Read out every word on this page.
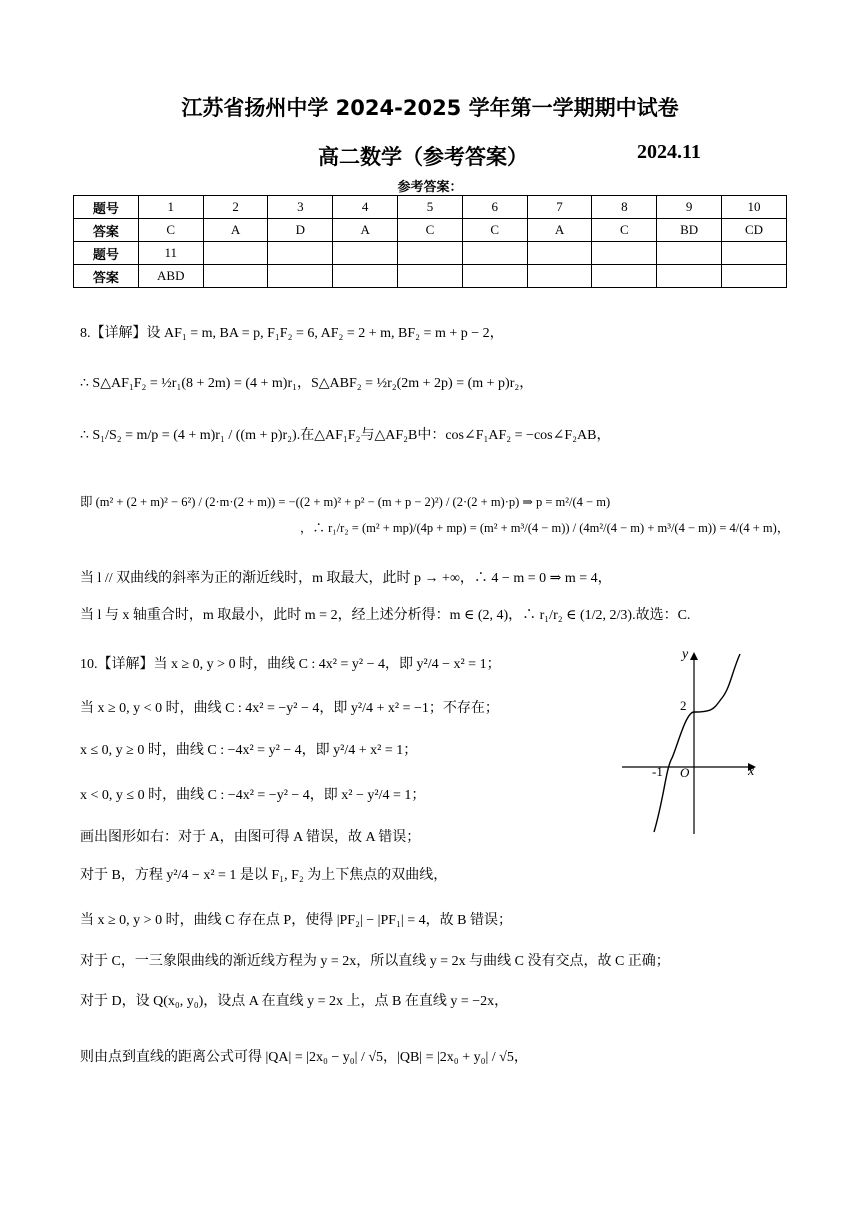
江苏省扬州中学 2024-2025 学年第一学期期中试卷
高二数学（参考答案）	2024.11
参考答案：
题号	1	2	3	4	5	6	7	8	9	10
答案	C	A	D	A	C	C	A	C	BD	CD
题号	11									
答案	ABD									
8.【详解】设 AF₁ = m, BA = p, F₁F₂ = 6, AF₂ = 2 + m, BF₂ = m + p − 2，
∴ S△AF₁F₂ = ½r₁(8 + 2m) = (4 + m)r₁，S△ABF₂ = ½r₂(2m + 2p) = (m + p)r₂，
∴ S₁/S₂ = m/p = (4 + m)r₁ / ((m + p)r₂).在△AF₁F₂与△AF₂B中：cos∠F₁AF₂ = −cos∠F₂AB，
即 (m² + (2 + m)² − 6²) / (2·m·(2 + m)) = −((2 + m)² + p² − (m + p − 2)²) / (2·(2 + m)·p) ⇒ p = m²/(4 − m)
，∴ r₁/r₂ = (m² + mp)/(4p + mp) = (m² + m³/(4 − m)) / (4m²/(4 − m) + m³/(4 − m)) = 4/(4 + m)，
当 l // 双曲线的斜率为正的渐近线时，m 取最大，此时 p → +∞，∴ 4 − m = 0 ⇒ m = 4，
当 l 与 x 轴重合时，m 取最小，此时 m = 2，经上述分析得：m ∈ (2, 4)，∴ r₁/r₂ ∈ (1/2, 2/3).故选：C.
10.【详解】当 x ≥ 0, y > 0 时，曲线 C : 4x² = y² − 4，即 y²/4 − x² = 1；
当 x ≥ 0, y < 0 时，曲线 C : 4x² = −y² − 4，即 y²/4 + x² = −1；不存在；
x ≤ 0, y ≥ 0 时，曲线 C : −4x² = y² − 4，即 y²/4 + x² = 1；
x < 0, y ≤ 0 时，曲线 C : −4x² = −y² − 4，即 x² − y²/4 = 1；
画出图形如右：对于 A，由图可得 A 错误，故 A 错误；
对于 B，方程 y²/4 − x² = 1 是以 F₁, F₂ 为上下焦点的双曲线，
当 x ≥ 0, y > 0 时，曲线 C 存在点 P，使得 |PF₂| − |PF₁| = 4，故 B 错误；
对于 C，一三象限曲线的渐近线方程为 y = 2x，所以直线 y = 2x 与曲线 C 没有交点，故 C 正确；
对于 D，设 Q(x₀, y₀)，设点 A 在直线 y = 2x 上，点 B 在直线 y = −2x，
则由点到直线的距离公式可得 |QA| = |2x₀ − y₀| / √5，|QB| = |2x₀ + y₀| / √5，
y
x
2
-1 O
